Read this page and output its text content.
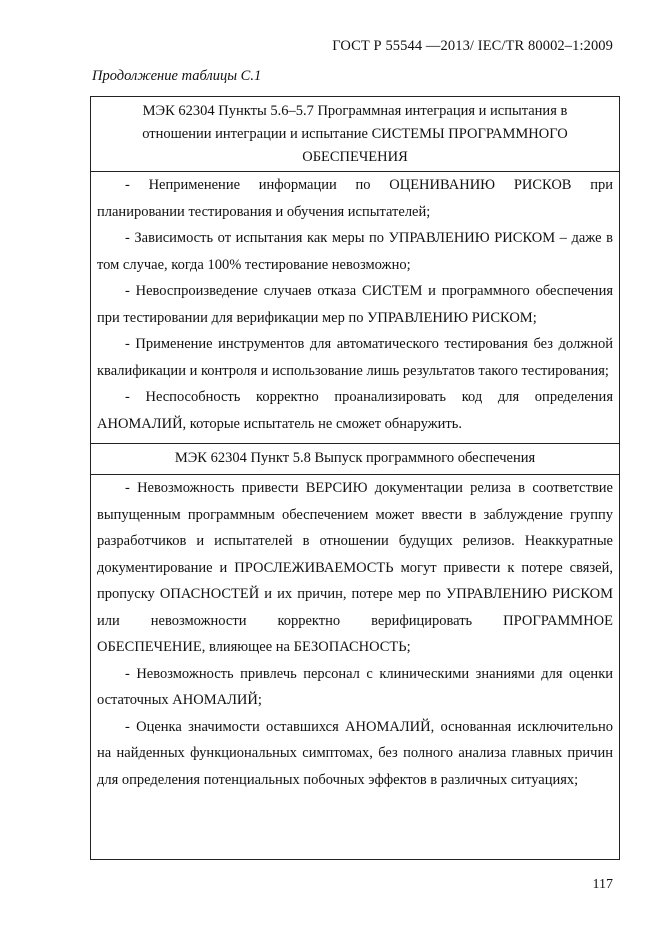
ГОСТ Р 55544 —2013/ IEC/TR 80002–1:2009
Продолжение таблицы С.1
МЭК 62304 Пункты 5.6–5.7 Программная интеграция и испытания в
отношении интеграции и испытание СИСТЕМЫ ПРОГРАММНОГО ОБЕСПЕЧЕНИЯ

- Неприменение информации по ОЦЕНИВАНИЮ РИСКОВ при планировании тестирования и обучения испытателей;

- Зависимость от испытания как меры по УПРАВЛЕНИЮ РИСКОМ – даже в том случае, когда 100% тестирование невозможно;

- Невоспроизведение случаев отказа СИСТЕМ и программного обеспечения при тестировании для верификации мер по УПРАВЛЕНИЮ РИСКОМ;

- Применение инструментов для автоматического тестирования без должной квалификации и контроля и использование лишь результатов такого тестирования;

- Неспособность корректно проанализировать код для определения АНОМАЛИЙ, которые испытатель не сможет обнаружить.

МЭК 62304 Пункт 5.8 Выпуск программного обеспечения

- Невозможность привести ВЕРСИЮ документации релиза в соответствие выпущенным программным обеспечением может ввести в заблуждение группу разработчиков и испытателей в отношении будущих релизов. Неаккуратные документирование и ПРОСЛЕЖИВАЕМОСТЬ могут привести к потере связей, пропуску ОПАСНОСТЕЙ и их причин, потере мер по УПРАВЛЕНИЮ РИСКОМ или невозможности корректно верифицировать ПРОГРАММНОЕ ОБЕСПЕЧЕНИЕ, влияющее на БЕЗОПАСНОСТЬ;

- Невозможность привлечь персонал с клиническими знаниями для оценки остаточных АНОМАЛИЙ;

- Оценка значимости оставшихся АНОМАЛИЙ, основанная исключительно на найденных функциональных симптомах, без полного анализа главных причин для определения потенциальных побочных эффектов в различных ситуациях;

117
